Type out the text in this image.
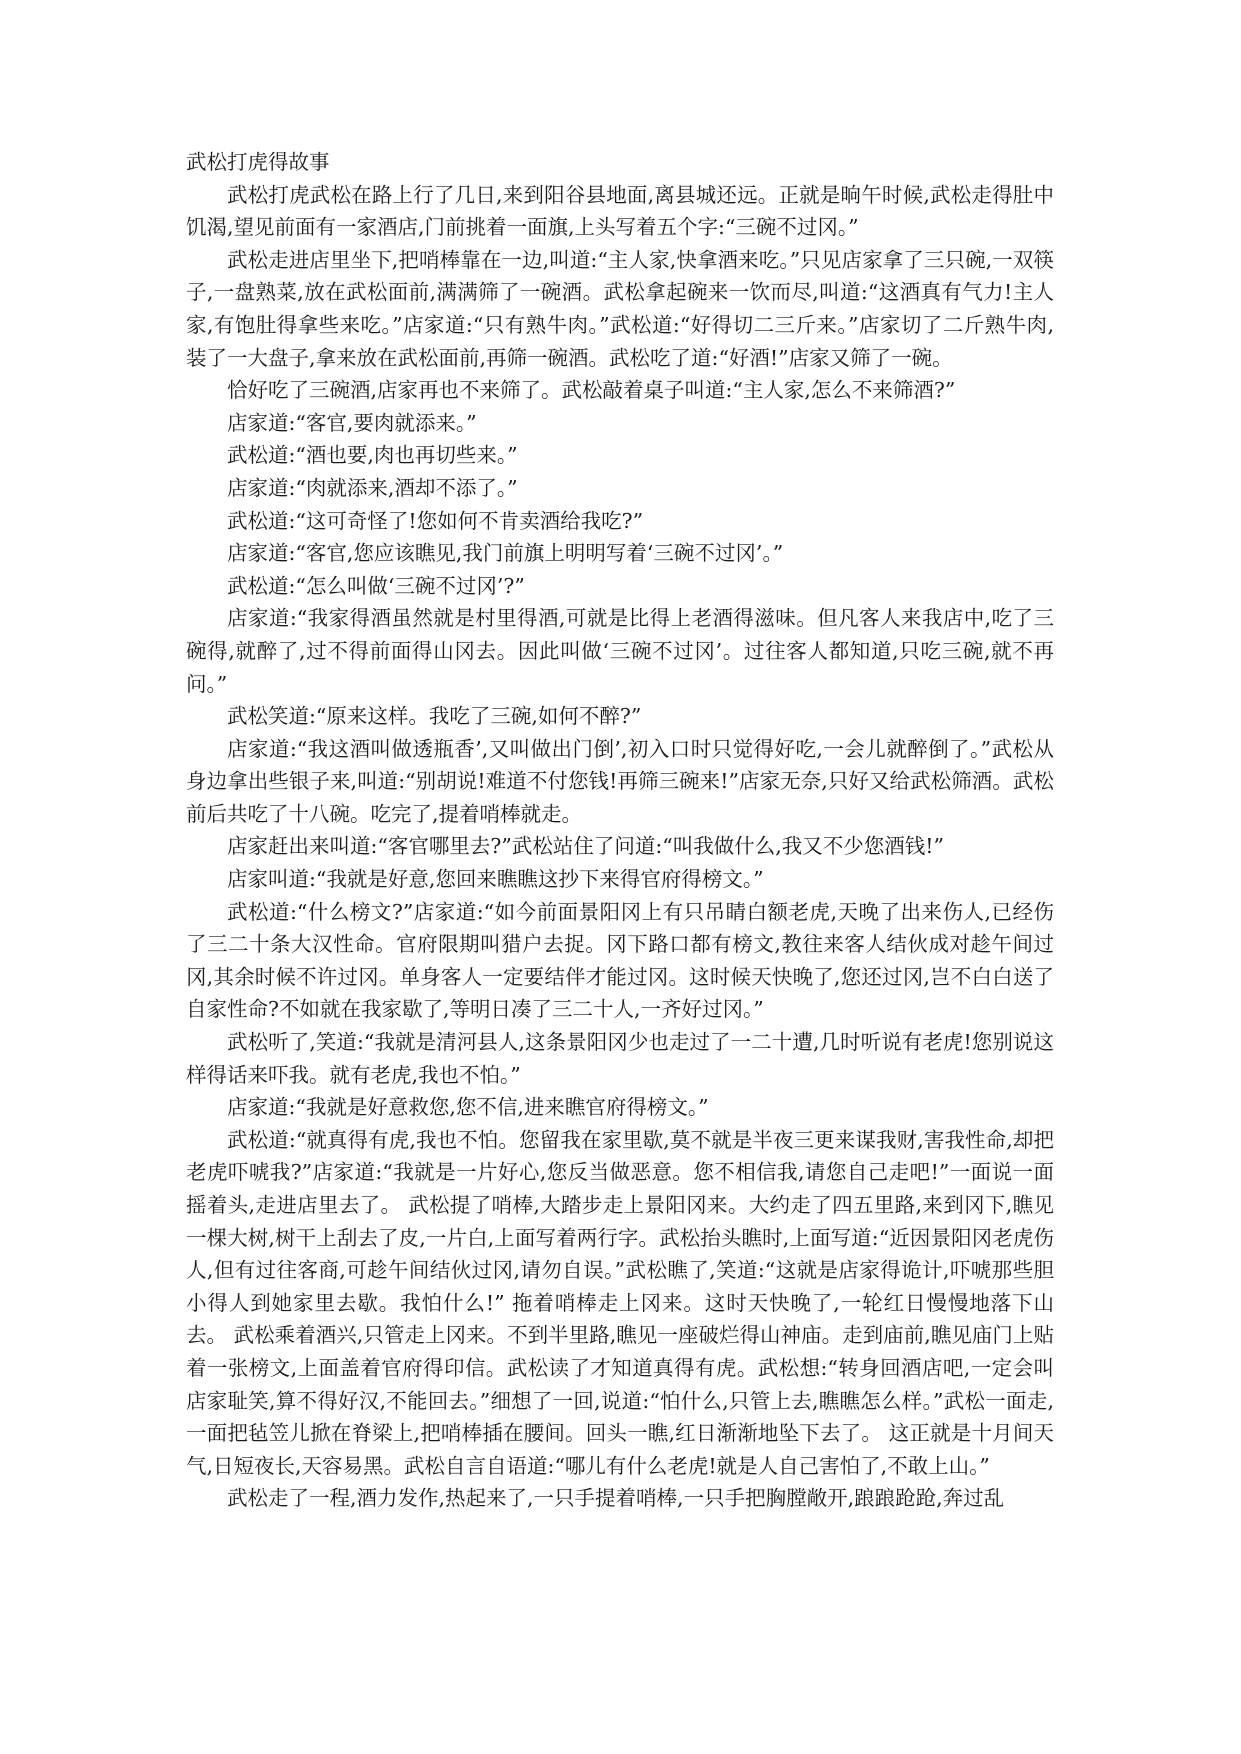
武松打虎得故事

武松打虎武松在路上行了几日,来到阳谷县地面,离县城还远。正就是晌午时候,武松走得肚中饥渴,望见前面有一家酒店,门前挑着一面旗,上头写着五个字:“三碗不过冈。”

武松走进店里坐下,把哨棒靠在一边,叫道:“主人家,快拿酒来吃。”只见店家拿了三只碗,一双筷子,一盘熟菜,放在武松面前,满满筛了一碗酒。武松拿起碗来一饮而尽,叫道:“这酒真有气力!主人家,有饱肚得拿些来吃。”店家道:“只有熟牛肉。”武松道:“好得切二三斤来。”店家切了二斤熟牛肉,装了一大盘子,拿来放在武松面前,再筛一碗酒。武松吃了道:“好酒!”店家又筛了一碗。

恰好吃了三碗酒,店家再也不来筛了。武松敲着桌子叫道:“主人家,怎么不来筛酒?”

店家道:“客官,要肉就添来。”

武松道:“酒也要,肉也再切些来。”

店家道:“肉就添来,酒却不添了。”

武松道:“这可奇怪了!您如何不肯卖酒给我吃?”

店家道:“客官,您应该瞧见,我门前旗上明明写着‘三碗不过冈’。”

武松道:“怎么叫做‘三碗不过冈’?”

店家道:“我家得酒虽然就是村里得酒,可就是比得上老酒得滋味。但凡客人来我店中,吃了三碗得,就醉了,过不得前面得山冈去。因此叫做‘三碗不过冈’。过往客人都知道,只吃三碗,就不再问。”

武松笑道:“原来这样。我吃了三碗,如何不醉?”

店家道:“我这酒叫做透瓶香’,又叫做出门倒’,初入口时只觉得好吃,一会儿就醉倒了。”武松从身边拿出些银子来,叫道:“别胡说!难道不付您钱!再筛三碗来!”店家无奈,只好又给武松筛酒。武松前后共吃了十八碗。吃完了,提着哨棒就走。

店家赶出来叫道:“客官哪里去?”武松站住了问道:“叫我做什么,我又不少您酒钱!”

店家叫道:“我就是好意,您回来瞧瞧这抄下来得官府得榜文。”

武松道:“什么榜文?”店家道:“如今前面景阳冈上有只吊睛白额老虎,天晚了出来伤人,已经伤了三二十条大汉性命。官府限期叫猎户去捉。冈下路口都有榜文,教往来客人结伙成对趁午间过冈,其余时候不许过冈。单身客人一定要结伴才能过冈。这时候天快晚了,您还过冈,岂不白白送了自家性命?不如就在我家歇了,等明日凑了三二十人,一齐好过冈。”

武松听了,笑道:“我就是清河县人,这条景阳冈少也走过了一二十遭,几时听说有老虎!您别说这样得话来吓我。就有老虎,我也不怕。”

店家道:“我就是好意救您,您不信,进来瞧官府得榜文。”

武松道:“就真得有虎,我也不怕。您留我在家里歇,莫不就是半夜三更来谋我财,害我性命,却把老虎吓唬我?”店家道:“我就是一片好心,您反当做恶意。您不相信我,请您自己走吧!”一面说一面摇着头,走进店里去了。 武松提了哨棒,大踏步走上景阳冈来。大约走了四五里路,来到冈下,瞧见一棵大树,树干上刮去了皮,一片白,上面写着两行字。武松抬头瞧时,上面写道:“近因景阳冈老虎伤人,但有过往客商,可趁午间结伙过冈,请勿自误。”武松瞧了,笑道:“这就是店家得诡计,吓唬那些胆小得人到她家里去歇。我怕什么!” 拖着哨棒走上冈来。这时天快晚了,一轮红日慢慢地落下山去。 武松乘着酒兴,只管走上冈来。不到半里路,瞧见一座破烂得山神庙。走到庙前,瞧见庙门上贴着一张榜文,上面盖着官府得印信。武松读了才知道真得有虎。武松想:“转身回酒店吧,一定会叫店家耻笑,算不得好汉,不能回去。”细想了一回,说道:“怕什么,只管上去,瞧瞧怎么样。”武松一面走,一面把毡笠儿掀在脊梁上,把哨棒插在腰间。回头一瞧,红日渐渐地坠下去了。 这正就是十月间天气,日短夜长,天容易黑。武松自言自语道:“哪儿有什么老虎!就是人自己害怕了,不敢上山。”

武松走了一程,酒力发作,热起来了,一只手提着哨棒,一只手把胸膛敞开,踉踉跄跄,奔过乱
